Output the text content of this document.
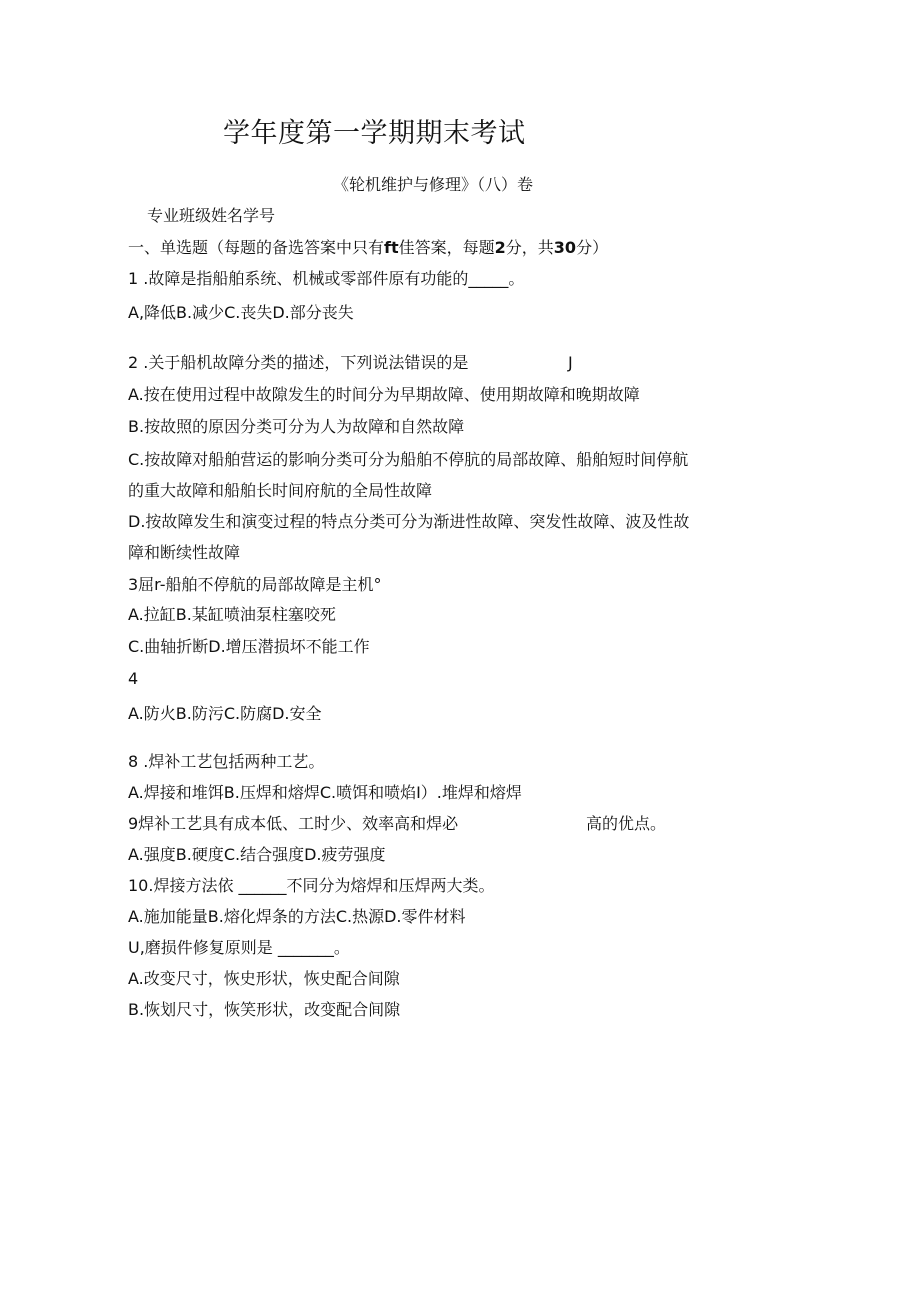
学年度第一学期期末考试
《轮机维护与修理》（八）卷
专业班级姓名学号
一、单选题（每题的备选答案中只有ft佳答案，每题2分，共30分）
1 .故障是指船舶系统、机械或零部件原有功能的_____。
A,降低B.减少C.丧失D.部分丧失
2 .关于船机故障分类的描述，下列说法错误的是	J
A.按在使用过程中故隙发生的时间分为早期故障、使用期故障和晚期故障
B.按故照的原因分类可分为人为故障和自然故障
C.按故障对船舶营运的影响分类可分为船舶不停肮的局部故障、船舶短时间停航
的重大故障和船舶长时间府航的全局性故障
D.按故障发生和演变过程的特点分类可分为渐进性故障、突发性故障、波及性故
障和断续性故障
3屈r-船舶不停航的局部故障是主机°
A.拉缸B.某缸喷油泵柱塞咬死
C.曲轴折断D.增压潜损坏不能工作
4
A.防火B.防污C.防腐D.安全
8 .焊补工艺包括两种工艺。
A.焊接和堆饵B.压焊和熔焊C.喷饵和喷焰I）.堆焊和熔焊
9焊补工艺具有成本低、工时少、效率高和焊必	高的优点。
A.强度B.硬度C.结合强度D.疲劳强度
10.焊接方法依 ______不同分为熔焊和压焊两大类。
A.施加能量B.熔化焊条的方法C.热源D.零件材料
U,磨损件修复原则是 _______。
A.改变尺寸，恢史形状，恢史配合间隙
B.恢划尺寸，恢笑形状，改变配合间隙
